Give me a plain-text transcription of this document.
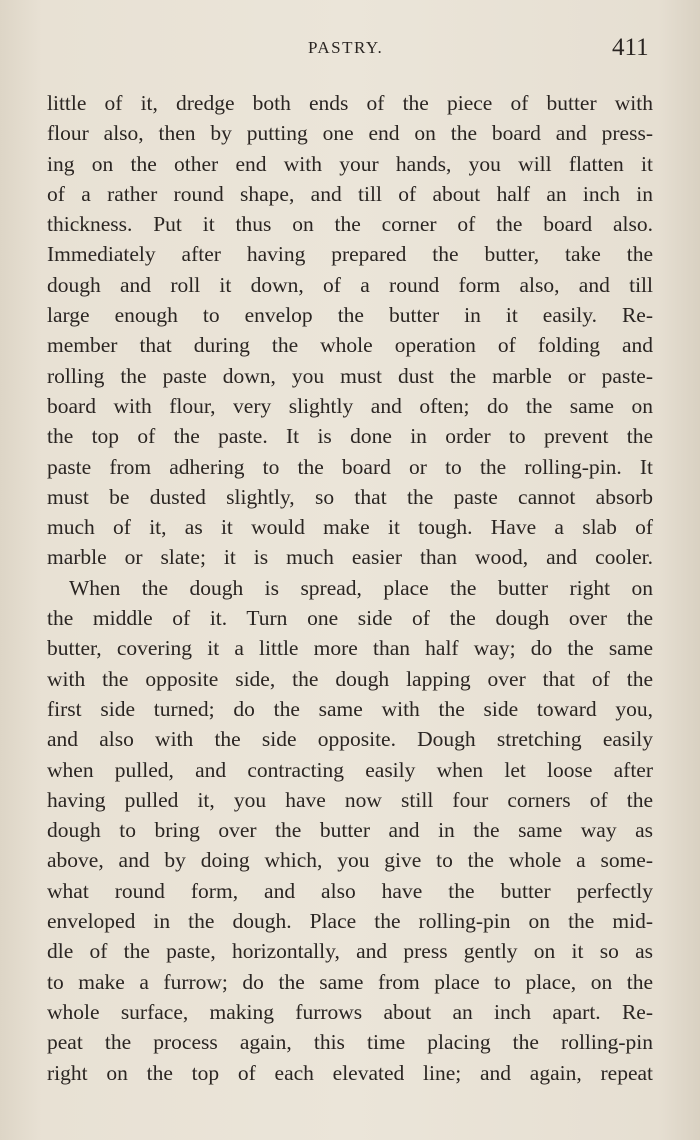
PASTRY.	411
little of it, dredge both ends of the piece of butter with
flour also, then by putting one end on the board and press-
ing on the other end with your hands, you will flatten it
of a rather round shape, and till of about half an inch in
thickness. Put it thus on the corner of the board also.
Immediately after having prepared the butter, take the
dough and roll it down, of a round form also, and till
large enough to envelop the butter in it easily. Re-
member that during the whole operation of folding and
rolling the paste down, you must dust the marble or paste-
board with flour, very slightly and often; do the same on
the top of the paste. It is done in order to prevent the
paste from adhering to the board or to the rolling-pin. It
must be dusted slightly, so that the paste cannot absorb
much of it, as it would make it tough. Have a slab of
marble or slate; it is much easier than wood, and cooler.
When the dough is spread, place the butter right on
the middle of it. Turn one side of the dough over the
butter, covering it a little more than half way; do the same
with the opposite side, the dough lapping over that of the
first side turned; do the same with the side toward you,
and also with the side opposite. Dough stretching easily
when pulled, and contracting easily when let loose after
having pulled it, you have now still four corners of the
dough to bring over the butter and in the same way as
above, and by doing which, you give to the whole a some-
what round form, and also have the butter perfectly
enveloped in the dough. Place the rolling-pin on the mid-
dle of the paste, horizontally, and press gently on it so as
to make a furrow; do the same from place to place, on the
whole surface, making furrows about an inch apart. Re-
peat the process again, this time placing the rolling-pin
right on the top of each elevated line; and again, repeat
